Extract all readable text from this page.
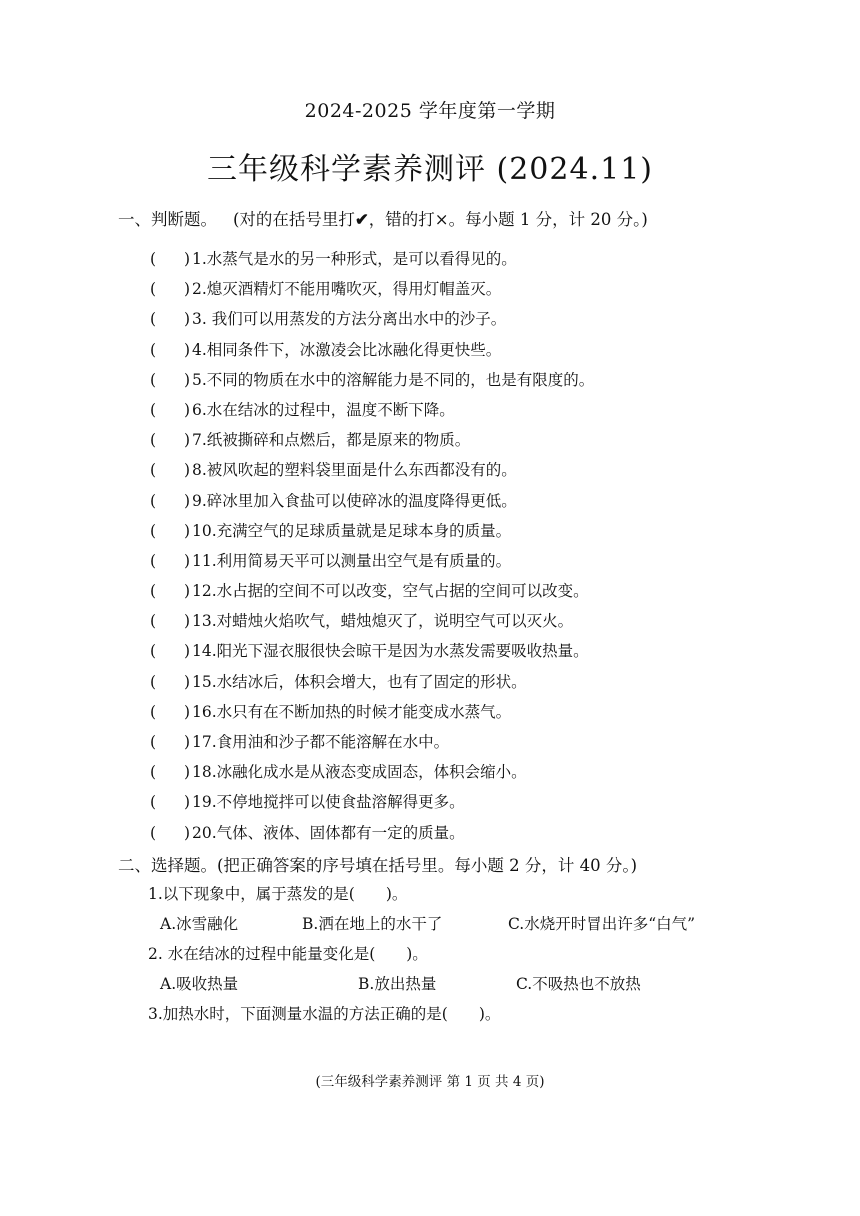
2024-2025 学年度第一学期
三年级科学素养测评 (2024.11)
一、判断题。 (对的在括号里打✔，错的打×。每小题 1 分，计 20 分。)
(	) 1. 水蒸气是水的另一种形式，是可以看得见的。
(	) 2. 熄灭酒精灯不能用嘴吹灭，得用灯帽盖灭。
(	) 3. 我们可以用蒸发的方法分离出水中的沙子。
(	) 4. 相同条件下，冰激凌会比冰融化得更快些。
(	) 5. 不同的物质在水中的溶解能力是不同的，也是有限度的。
(	) 6. 水在结冰的过程中，温度不断下降。
(	) 7. 纸被撕碎和点燃后，都是原来的物质。
(	) 8. 被风吹起的塑料袋里面是什么东西都没有的。
(	) 9. 碎冰里加入食盐可以使碎冰的温度降得更低。
(	) 10. 充满空气的足球质量就是足球本身的质量。
(	) 11. 利用简易天平可以测量出空气是有质量的。
(	) 12. 水占据的空间不可以改变，空气占据的空间可以改变。
(	) 13. 对蜡烛火焰吹气，蜡烛熄灭了，说明空气可以灭火。
(	) 14. 阳光下湿衣服很快会晾干是因为水蒸发需要吸收热量。
(	) 15. 水结冰后，体积会增大，也有了固定的形状。
(	) 16. 水只有在不断加热的时候才能变成水蒸气。
(	) 17. 食用油和沙子都不能溶解在水中。
(	) 18. 冰融化成水是从液态变成固态，体积会缩小。
(	) 19. 不停地搅拌可以使食盐溶解得更多。
(	) 20. 气体、液体、固体都有一定的质量。
二、选择题。(把正确答案的序号填在括号里。每小题 2 分，计 40 分。)
1.以下现象中，属于蒸发的是(　　)。
A.冰雪融化	B.洒在地上的水干了	C.水烧开时冒出许多“白气”
2. 水在结冰的过程中能量变化是(　　)。
A.吸收热量	B.放出热量	C.不吸热也不放热
3.加热水时，下面测量水温的方法正确的是(　　)。
(三年级科学素养测评 第 1 页 共 4 页)
